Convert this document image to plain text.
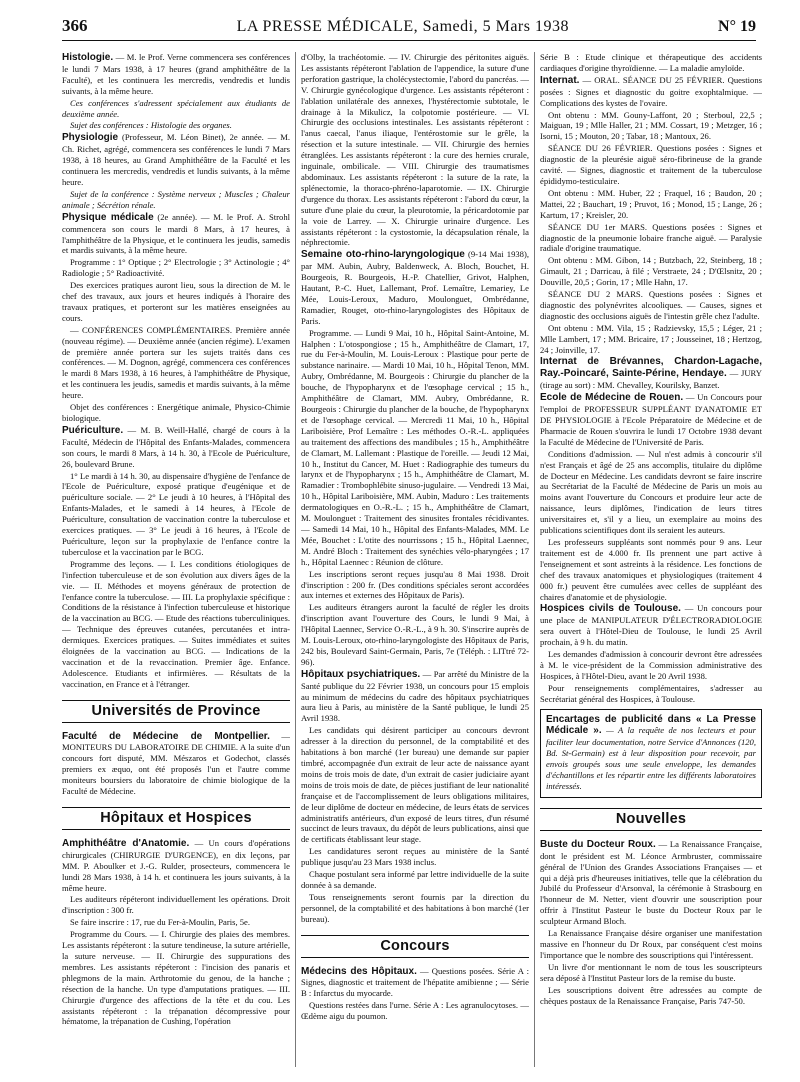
366	LA PRESSE MÉDICALE, Samedi, 5 Mars 1938	N° 19

Histologie. — M. le Prof. Verne commencera ses conférences le lundi 7 Mars 1938, à 17 heures (grand amphithéâtre de la Faculté), et les continuera les mercredis, vendredis et lundis suivants, à la même heure.

Ces conférences s'adressent spécialement aux étudiants de deuxième année.

Sujet des conférences : Histologie des organes.

Physiologie (Professeur, M. Léon Binet), 2e année. — M. Ch. Richet, agrégé, commencera ses conférences le lundi 7 Mars 1938, à 18 heures, au Grand Amphithéâtre de la Faculté et les continuera les mercredis, vendredis et lundis suivants, à la même heure.

Sujet de la conférence : Système nerveux ; Muscles ; Chaleur animale ; Sécrétion rénale.

Physique médicale (2e année). — M. le Prof. A. Strohl commencera son cours le mardi 8 Mars, à 17 heures, à l'amphithéâtre de la Physique, et le continuera les jeudis, samedis et mardis suivants, à la même heure.

Programme : 1° Optique ; 2° Electrologie ; 3° Actinologie ; 4° Radiologie ; 5° Radioactivité.

Des exercices pratiques auront lieu, sous la direction de M. le chef des travaux, aux jours et heures indiqués à l'horaire des travaux pratiques, et porteront sur les matières enseignées au cours.

— CONFÉRENCES COMPLÉMENTAIRES. Première année (nouveau régime). — Deuxième année (ancien régime). L'examen de première année portera sur les sujets traités dans ces conférences. — M. Dognon, agrégé, commencera ces conférences le mardi 8 Mars 1938, à 16 heures, à l'amphithéâtre de Physique, et les continuera les jeudis, samedis et mardis suivants, à la même heure.

Objet des conférences : Energétique animale, Physico-Chimie biologique.

Puériculture. — M. B. Weill-Hallé, chargé de cours à la Faculté, Médecin de l'Hôpital des Enfants-Malades, commencera son cours, le mardi 8 Mars, à 14 h. 30, à l'Ecole de Puériculture, 26, boulevard Brune.

1° Le mardi à 14 h. 30, au dispensaire d'hygiène de l'enfance de l'Ecole de Puériculture, exposé pratique d'eugénique et de puériculture sociale. — 2° Le jeudi à 10 heures, à l'Hôpital des Enfants-Malades, et le samedi à 14 heures, à l'Ecole de Puériculture, consultation de vaccination contre la tuberculose et exercices pratiques. — 3° Le jeudi à 16 heures, à l'Ecole de Puériculture, leçon sur la prophylaxie de l'enfance contre la tuberculose et la vaccination par le BCG.

Programme des leçons. — I. Les conditions étiologiques de l'infection tuberculeuse et de son évolution aux divers âges de la vie. — II. Méthodes et moyens généraux de protection de l'enfance contre la tuberculose. — III. La prophylaxie spécifique : Conditions de la résistance à l'infection tuberculeuse et historique de la vaccination au BCG. — Etude des réactions tuberculiniques. — Technique des épreuves cutanées, percutanées et intra-dermiques. Exercices pratiques. — Suites immédiates et suites éloignées de la vaccination au BCG. — Indications de la vaccination et de la revaccination. Premier âge. Enfance. Adolescence. Etudiants et infirmières. — Résultats de la vaccination, en France et à l'étranger.

Universités de Province

Faculté de Médecine de Montpellier. — MONITEURS DU LABORATOIRE DE CHIMIE. A la suite d'un concours fort disputé, MM. Mészaros et Godechot, classés premiers ex æquo, ont été proposés l'un et l'autre comme moniteurs boursiers du laboratoire de chimie biologique de la Faculté de Médecine.

Hôpitaux et Hospices

Amphithéâtre d'Anatomie. — Un cours d'opérations chirurgicales (CHIRURGIE D'URGENCE), en dix leçons, par MM. P. Aboulker et J.-G. Rulder, prosecteurs, commencera le lundi 28 Mars 1938, à 14 h. et continuera les jours suivants, à la même heure.

Les auditeurs répéteront individuellement les opérations. Droit d'inscription : 300 fr.

Se faire inscrire : 17, rue du Fer-à-Moulin, Paris, 5e.

Programme du Cours. — I. Chirurgie des plaies des membres. Les assistants répéteront : la suture tendineuse, la suture artérielle, la suture nerveuse. — II. Chirurgie des suppurations des membres. Les assistants répéteront : l'incision des panaris et phlegmons de la main. Arthrotomie du genou, de la hanche ; résection de la hanche. Un type d'amputations pratiques. — III. Chirurgie d'urgence des affections de la tête et du cou. Les assistants répéteront : la trépanation décompressive pour hématome, la trépanation de Cushing, l'opération

d'Olby, la trachéotomie. — IV. Chirurgie des péritonites aiguës. Les assistants répéteront l'ablation de l'appendice, la suture d'une perforation gastrique, la cholécystectomie, l'abord du pancréas. — V. Chirurgie gynécologique d'urgence. Les assistants répéteront : l'ablation unilatérale des annexes, l'hystérectomie subtotale, le drainage à la Mikulicz, la colpotomie postérieure. — VI. Chirurgie des occlusions intestinales. Les assistants répéteront : l'anus caecal, l'anus iliaque, l'entérostomie sur le grêle, la résection et la suture intestinale. — VII. Chirurgie des hernies étranglées. Les assistants répéteront : la cure des hernies crurale, inguinale, ombilicale. — VIII. Chirurgie des traumatismes abdominaux. Les assistants répéteront : la suture de la rate, la splénectomie, la thoraco-phréno-laparotomie. — IX. Chirurgie d'urgence du thorax. Les assistants répéteront : l'abord du cœur, la suture d'une plaie du cœur, la pleurotomie, la péricardotomie par la voie de Larrey. — X. Chirurgie urinaire d'urgence. Les assistants répéteront : la cystostomie, la décapsulation rénale, la néphrectomie.

Semaine oto-rhino-laryngologique (9-14 Mai 1938), par MM. Aubin, Aubry, Baldenweck, A. Bloch, Bouchet, H. Bourgeois, R. Bourgeois, H.-P. Chatellier, Grivot, Halphen, Hautant, P.-C. Huet, Lallemant, Prof. Lemaître, Lemariey, Le Mée, Louis-Leroux, Maduro, Moulonguet, Ombrédanne, Ramadier, Rouget, oto-rhino-laryngologistes des Hôpitaux de Paris.

Programme. — Lundi 9 Mai, 10 h., Hôpital Saint-Antoine, M. Halphen : L'otospongiose ; 15 h., Amphithéâtre de Clamart, 17, rue du Fer-à-Moulin, M. Louis-Leroux : Plastique pour perte de substance narinaire. — Mardi 10 Mai, 10 h., Hôpital Tenon, MM. Aubry, Ombrédanne, M. Bourgeois : Chirurgie du plancher de la bouche, de l'hypopharynx et de l'œsophage cervical ; 15 h., Amphithéâtre de Clamart, MM. Aubry, Ombrédanne, R. Bourgeois : Chirurgie du plancher de la bouche, de l'hypopharynx et de l'œsophage cervical. — Mercredi 11 Mai, 10 h., Hôpital Lariboisière, Prof Lemaître : Les méthodes O.-R.-L. appliquées au traitement des affections des mandibules ; 15 h., Amphithéâtre de Clamart, M. Lallemant : Plastique de l'oreille. — Jeudi 12 Mai, 10 h., Institut du Cancer, M. Huet : Radiographie des tumeurs du larynx et de l'hypopharynx ; 15 h., Amphithéâtre de Clamart, M. Ramadier : Trombophlébite sinuso-jugulaire. — Vendredi 13 Mai, 10 h., Hôpital Lariboisière, MM. Aubin, Maduro : Les traitements dermatologiques en O.-R.-L. ; 15 h., Amphithéâtre de Clamart, M. Moulonguet : Traitement des sinusites frontales récidivantes. — Samedi 14 Mai, 10 h., Hôpital des Enfants-Malades, MM. Le Mée, Bouchet : L'otite des nourrissons ; 15 h., Hôpital Laennec, M. André Bloch : Traitement des synéchies vélo-pharyngées ; 17 h., Hôpital Laennec : Réunion de clôture.

Les inscriptions seront reçues jusqu'au 8 Mai 1938. Droit d'inscription : 200 fr. (Des conditions spéciales seront accordées aux internes et externes des Hôpitaux de Paris).

Les auditeurs étrangers auront la faculté de régler les droits d'inscription avant l'ouverture des Cours, le lundi 9 Mai, à l'Hôpital Laennec, Service O.-R.-L., à 9 h. 30. S'inscrire auprès de M. Louis-Leroux, oto-rhino-laryngologiste des Hôpitaux de Paris, 242 bis, Boulevard Saint-Germain, Paris, 7e (Téléph. : LITtré 72-96).

Hôpitaux psychiatriques. — Par arrêté du Ministre de la Santé publique du 22 Février 1938, un concours pour 15 emplois au minimum de médecins du cadre des hôpitaux psychiatriques aura lieu à Paris, au ministère de la Santé publique, le lundi 25 Avril 1938.

Les candidats qui désirent participer au concours devront adresser à la direction du personnel, de la comptabilité et des habitations à bon marché (1er bureau) une demande sur papier timbré, accompagnée d'un extrait de leur acte de naissance ayant moins de trois mois de date, d'un extrait de casier judiciaire ayant moins de trois mois de date, de pièces justifiant de leur nationalité française et de l'accomplissement de leurs obligations militaires, de leur diplôme de docteur en médecine, de leurs états de services administratifs antérieurs, d'un exposé de leurs titres, d'un résumé succinct de leurs travaux, du dépôt de leurs publications, ainsi que de certificats établissant leur stage.

Les candidatures seront reçues au ministère de la Santé publique jusqu'au 23 Mars 1938 inclus.

Chaque postulant sera informé par lettre individuelle de la suite donnée à sa demande.

Tous renseignements seront fournis par la direction du personnel, de la comptabilité et des habitations à bon marché (1er bureau).

Concours

Médecins des Hôpitaux. — Questions posées. Série A : Signes, diagnostic et traitement de l'hépatite amibienne ; — Série B : Infarctus du myocarde.

Questions restées dans l'urne. Série A : Les agranulocytoses. — Œdème aigu du poumon.

Série B : Etude clinique et thérapeutique des accidents cardiaques d'origine thyroïdienne. — La maladie amyloïde.

Internat. — ORAL. SÉANCE DU 25 FÉVRIER. Questions posées : Signes et diagnostic du goitre exophtalmique. — Complications des kystes de l'ovaire.

Ont obtenu : MM. Gouny-Laffont, 20 ; Sterboul, 22,5 ; Maiguan, 19 ; Mlle Haller, 21 ; MM. Cossart, 19 ; Metzger, 16 ; Isorni, 15 ; Mouton, 20 ; Tabar, 18 ; Mantoux, 26.

SÉANCE DU 26 FÉVRIER. Questions posées : Signes et diagnostic de la pleurésie aiguë séro-fibrineuse de la grande cavité. — Signes, diagnostic et traitement de la tuberculose épididymo-testiculaire.

Ont obtenu : MM. Huber, 22 ; Fraquel, 16 ; Baudon, 20 ; Mattei, 22 ; Bauchart, 19 ; Pruvot, 16 ; Monod, 15 ; Lange, 26 ; Kartum, 17 ; Kreisler, 20.

SÉANCE DU 1er MARS. Questions posées : Signes et diagnostic de la pneumonie lobaire franche aiguë. — Paralysie radiale d'origine traumatique.

Ont obtenu : MM. Gibon, 14 ; Butzbach, 22, Steinberg, 18 ; Gimault, 21 ; Darricau, à filé ; Verstraete, 24 ; D'Œlsnitz, 20 ; Douville, 20,5 ; Gorin, 17 ; Mlle Hahn, 17.

SÉANCE DU 2 MARS. Questions posées : Signes et diagnostic des polynévrites alcooliques. — Causes, signes et diagnostic des occlusions aiguës de l'intestin grêle chez l'adulte.

Ont obtenu : MM. Vila, 15 ; Radzievsky, 15,5 ; Léger, 21 ; Mlle Lambert, 17 ; MM. Bricaire, 17 ; Jousseinet, 18 ; Hertzog, 24 ; Joinville, 17.

Internat de Brévannes, Chardon-Lagache, Ray.-Poincaré, Sainte-Périne, Hendaye. — JURY (tirage au sort) : MM. Chevalley, Kourilsky, Banzet.

Ecole de Médecine de Rouen. — Un Concours pour l'emploi de PROFESSEUR SUPPLÉANT D'ANATOMIE ET DE PHYSIOLOGIE à l'Ecole Préparatoire de Médecine et de Pharmacie de Rouen s'ouvrira le lundi 17 Octobre 1938 devant la Faculté de Médecine de l'Université de Paris.

Conditions d'admission. — Nul n'est admis à concourir s'il n'est Français et âgé de 25 ans accomplis, titulaire du diplôme de Docteur en Médecine. Les candidats devront se faire inscrire au Secrétariat de la Faculté de Médecine de Paris un mois au moins avant l'ouverture du Concours et produire leur acte de naissance, leurs diplômes, l'indication de leurs titres universitaires et, s'il y a lieu, un exemplaire au moins des publications scientifiques dont ils seraient les auteurs.

Les professeurs suppléants sont nommés pour 9 ans. Leur traitement est de 4.000 fr. Ils prennent une part active à l'enseignement et sont astreints à la résidence. Les fonctions de chef des travaux anatomiques et physiologiques (traitement 4 000 fr.) peuvent être cumulées avec celles de suppléant des chaires d'anatomie et de physiologie.

Hospices civils de Toulouse. — Un concours pour une place de MANIPULATEUR D'ÉLECTRORADIOLOGIE sera ouvert à l'Hôtel-Dieu de Toulouse, le lundi 25 Avril prochain, à 9 h. du matin.

Les demandes d'admission à concourir devront être adressées à M. le vice-président de la Commission administrative des Hospices, à l'Hôtel-Dieu, avant le 20 Avril 1938.

Pour renseignements complémentaires, s'adresser au Secrétariat général des Hospices, à Toulouse.

Encartages de publicité dans « La Presse Médicale ». — A la requête de nos lecteurs et pour faciliter leur documentation, notre Service d'Annonces (120, Bd. St-Germain) est à leur disposition pour recevoir, par envois groupés sous une seule enveloppe, les demandes d'échantillons et les répartir entre les différents laboratoires intéressés.

Nouvelles

Buste du Docteur Roux. — La Renaissance Française, dont le président est M. Léonce Armbruster, commissaire général de l'Union des Grandes Associations Françaises — et qui a déjà pris d'heureuses initiatives, telle que la célébration du Jubilé du Professeur d'Arsonval, la cérémonie à Strasbourg en l'honneur de M. Netter, vient d'ouvrir une souscription pour offrir à l'Institut Pasteur le buste du Docteur Roux par le sculpteur Armand Bloch.

La Renaissance Française désire organiser une manifestation massive en l'honneur du Dr Roux, par conséquent c'est moins l'importance que le nombre des souscriptions qui l'intéressent.

Un livre d'or mentionnant le nom de tous les souscripteurs sera déposé à l'Institut Pasteur lors de la remise du buste.

Les souscriptions doivent être adressées au compte de chèques postaux de la Renaissance Française, Paris 747-50.
